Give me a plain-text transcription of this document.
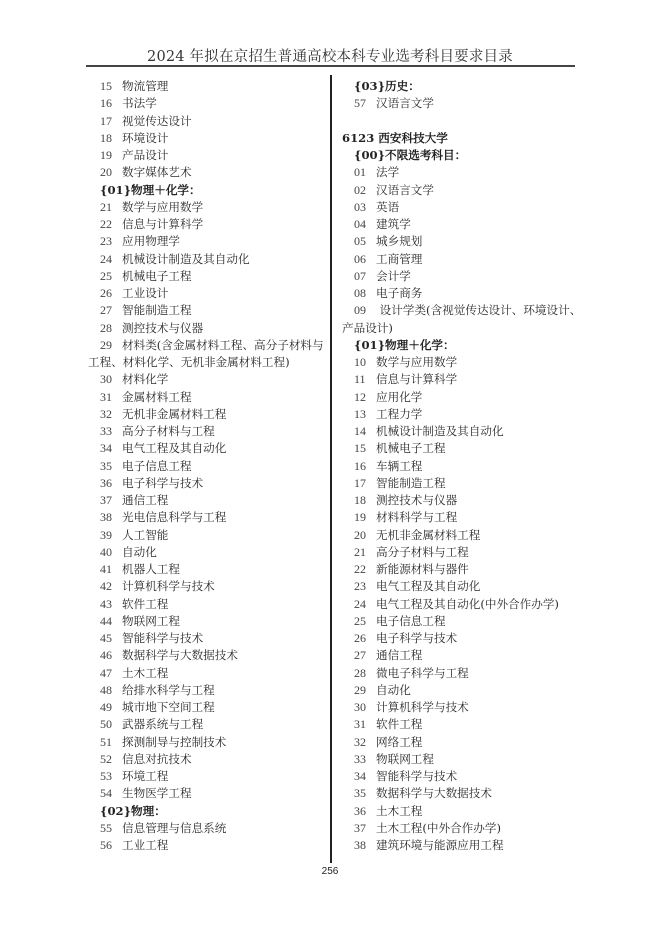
2024 年拟在京招生普通高校本科专业选考科目要求目录
15 物流管理
16 书法学
17 视觉传达设计
18 环境设计
19 产品设计
20 数字媒体艺术
{01}物理＋化学：
21 数学与应用数学
22 信息与计算科学
23 应用物理学
24 机械设计制造及其自动化
25 机械电子工程
26 工业设计
27 智能制造工程
28 测控技术与仪器
29 材料类(含金属材料工程、高分子材料与
工程、材料化学、无机非金属材料工程)
30 材料化学
31 金属材料工程
32 无机非金属材料工程
33 高分子材料与工程
34 电气工程及其自动化
35 电子信息工程
36 电子科学与技术
37 通信工程
38 光电信息科学与工程
39 人工智能
40 自动化
41 机器人工程
42 计算机科学与技术
43 软件工程
44 物联网工程
45 智能科学与技术
46 数据科学与大数据技术
47 土木工程
48 给排水科学与工程
49 城市地下空间工程
50 武器系统与工程
51 探测制导与控制技术
52 信息对抗技术
53 环境工程
54 生物医学工程
{02}物理：
55 信息管理与信息系统
56 工业工程
{03}历史：
57 汉语言文学
6123 西安科技大学
{00}不限选考科目：
01 法学
02 汉语言文学
03 英语
04 建筑学
05 城乡规划
06 工商管理
07 会计学
08 电子商务
09 设计学类(含视觉传达设计、环境设计、
产品设计)
{01}物理＋化学：
10 数学与应用数学
11 信息与计算科学
12 应用化学
13 工程力学
14 机械设计制造及其自动化
15 机械电子工程
16 车辆工程
17 智能制造工程
18 测控技术与仪器
19 材料科学与工程
20 无机非金属材料工程
21 高分子材料与工程
22 新能源材料与器件
23 电气工程及其自动化
24 电气工程及其自动化(中外合作办学)
25 电子信息工程
26 电子科学与技术
27 通信工程
28 微电子科学与工程
29 自动化
30 计算机科学与技术
31 软件工程
32 网络工程
33 物联网工程
34 智能科学与技术
35 数据科学与大数据技术
36 土木工程
37 土木工程(中外合作办学)
38 建筑环境与能源应用工程
256
